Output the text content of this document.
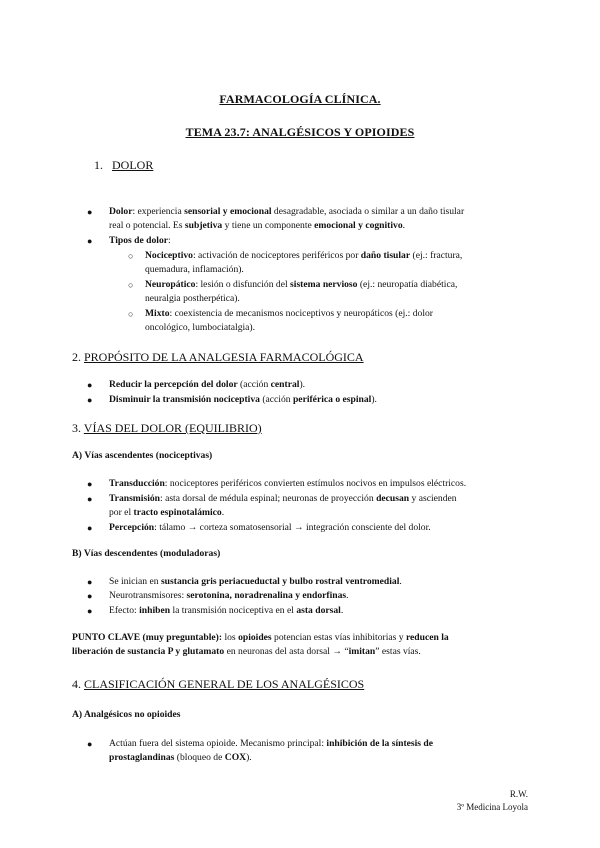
FARMACOLOGÍA CLÍNICA.
TEMA 23.7: ANALGÉSICOS Y OPIOIDES
1. DOLOR
● Dolor: experiencia sensorial y emocional desagradable, asociada o similar a un daño tisular
real o potencial. Es subjetiva y tiene un componente emocional y cognitivo.
● Tipos de dolor:
○ Nociceptivo: activación de nociceptores periféricos por daño tisular (ej.: fractura,
quemadura, inflamación).
○ Neuropático: lesión o disfunción del sistema nervioso (ej.: neuropatía diabética,
neuralgia postherpética).
○ Mixto: coexistencia de mecanismos nociceptivos y neuropáticos (ej.: dolor
oncológico, lumbociatalgia).
2. PROPÓSITO DE LA ANALGESIA FARMACOLÓGICA
● Reducir la percepción del dolor (acción central).
● Disminuir la transmisión nociceptiva (acción periférica o espinal).
3. VÍAS DEL DOLOR (EQUILIBRIO)
A) Vías ascendentes (nociceptivas)
● Transducción: nociceptores periféricos convierten estímulos nocivos en impulsos eléctricos.
● Transmisión: asta dorsal de médula espinal; neuronas de proyección decusan y ascienden
por el tracto espinotalámico.
● Percepción: tálamo → corteza somatosensorial → integración consciente del dolor.
B) Vías descendentes (moduladoras)
● Se inician en sustancia gris periacueductal y bulbo rostral ventromedial.
● Neurotransmisores: serotonina, noradrenalina y endorfinas.
● Efecto: inhiben la transmisión nociceptiva en el asta dorsal.
PUNTO CLAVE (muy preguntable): los opioides potencian estas vías inhibitorias y reducen la
liberación de sustancia P y glutamato en neuronas del asta dorsal → “imitan” estas vías.
4. CLASIFICACIÓN GENERAL DE LOS ANALGÉSICOS
A) Analgésicos no opioides
● Actúan fuera del sistema opioide. Mecanismo principal: inhibición de la síntesis de
prostaglandinas (bloqueo de COX).
R.W.
3º Medicina Loyola
